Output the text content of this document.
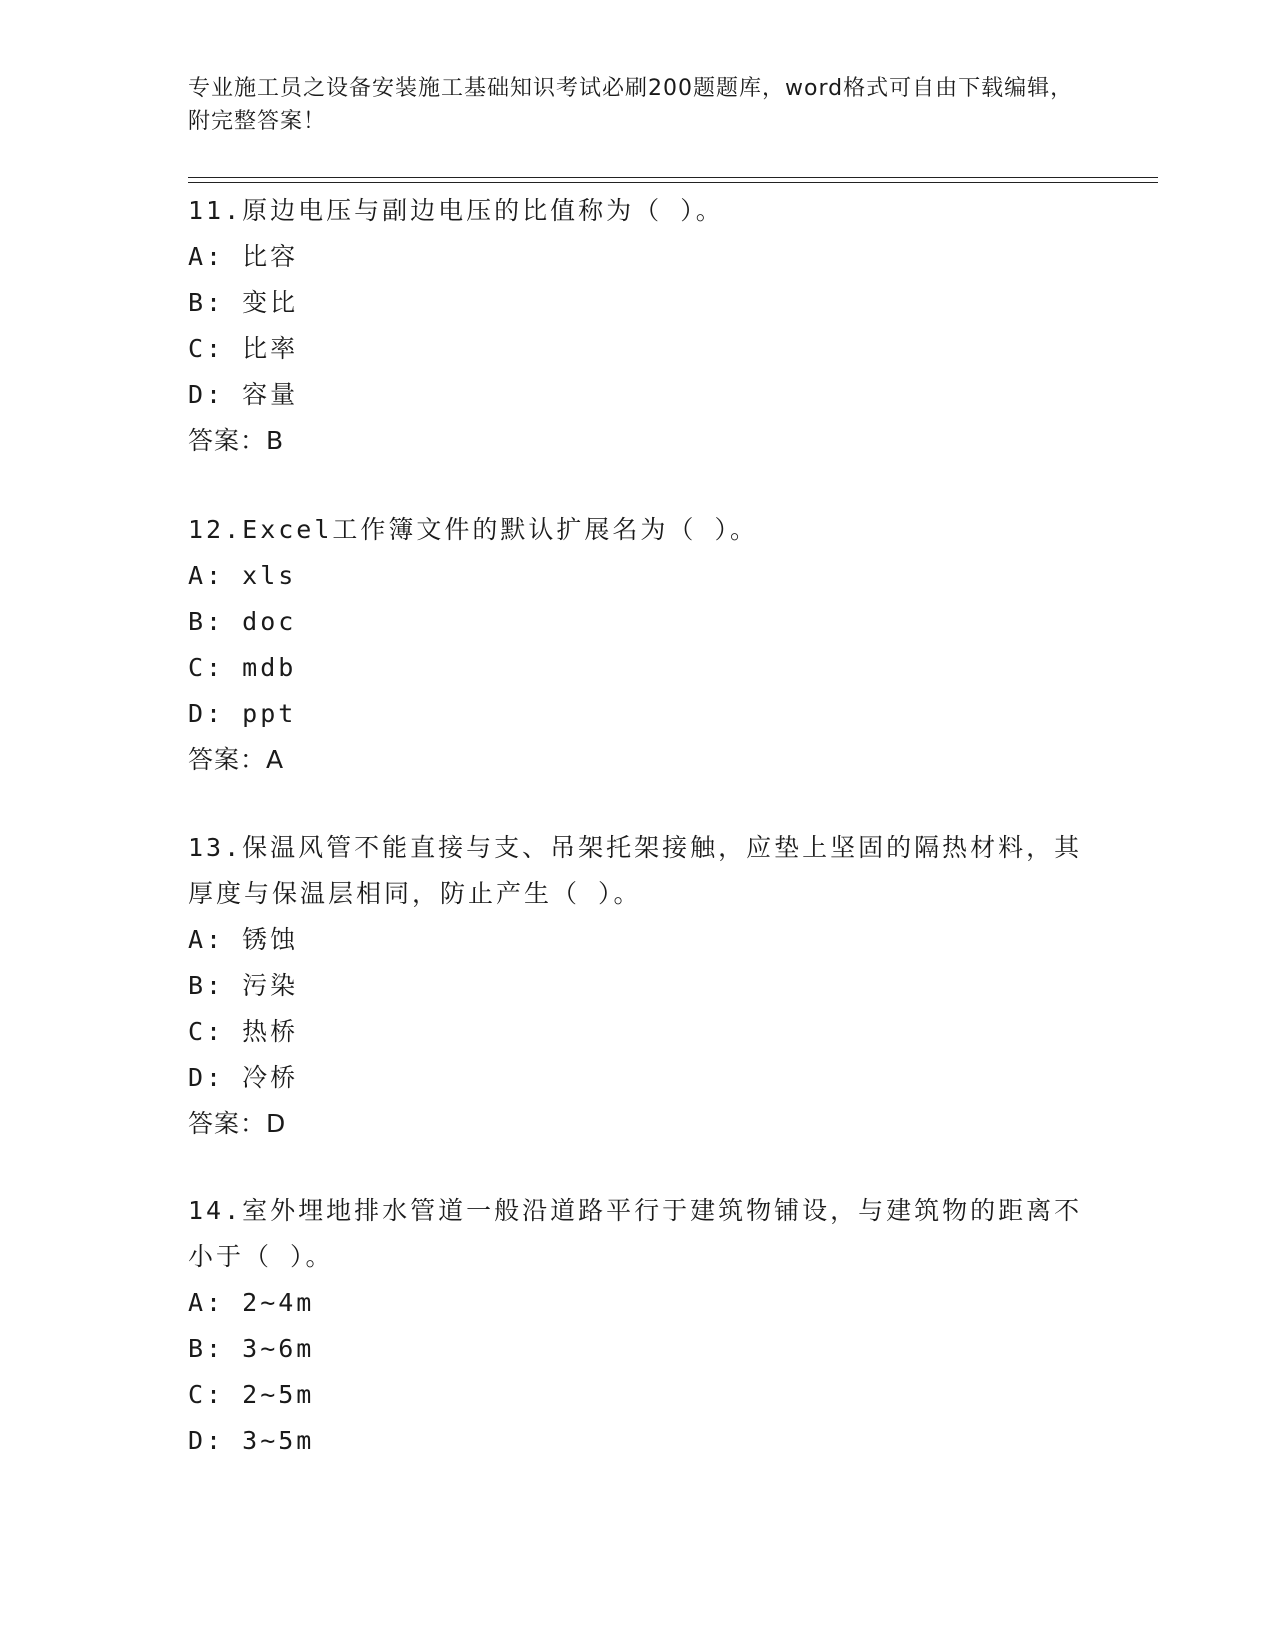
专业施工员之设备安装施工基础知识考试必刷200题题库，word格式可自由下载编辑，附完整答案！
11.原边电压与副边电压的比值称为（ ）。
A: 比容
B: 变比
C: 比率
D: 容量
答案：B
12.Excel工作簿文件的默认扩展名为（ ）。
A: xls
B: doc
C: mdb
D: ppt
答案：A
13.保温风管不能直接与支、吊架托架接触，应垫上坚固的隔热材料，其厚度与保温层相同，防止产生（ ）。
A: 锈蚀
B: 污染
C: 热桥
D: 冷桥
答案：D
14.室外埋地排水管道一般沿道路平行于建筑物铺设，与建筑物的距离不小于（ ）。
A: 2~4m
B: 3~6m
C: 2~5m
D: 3~5m
